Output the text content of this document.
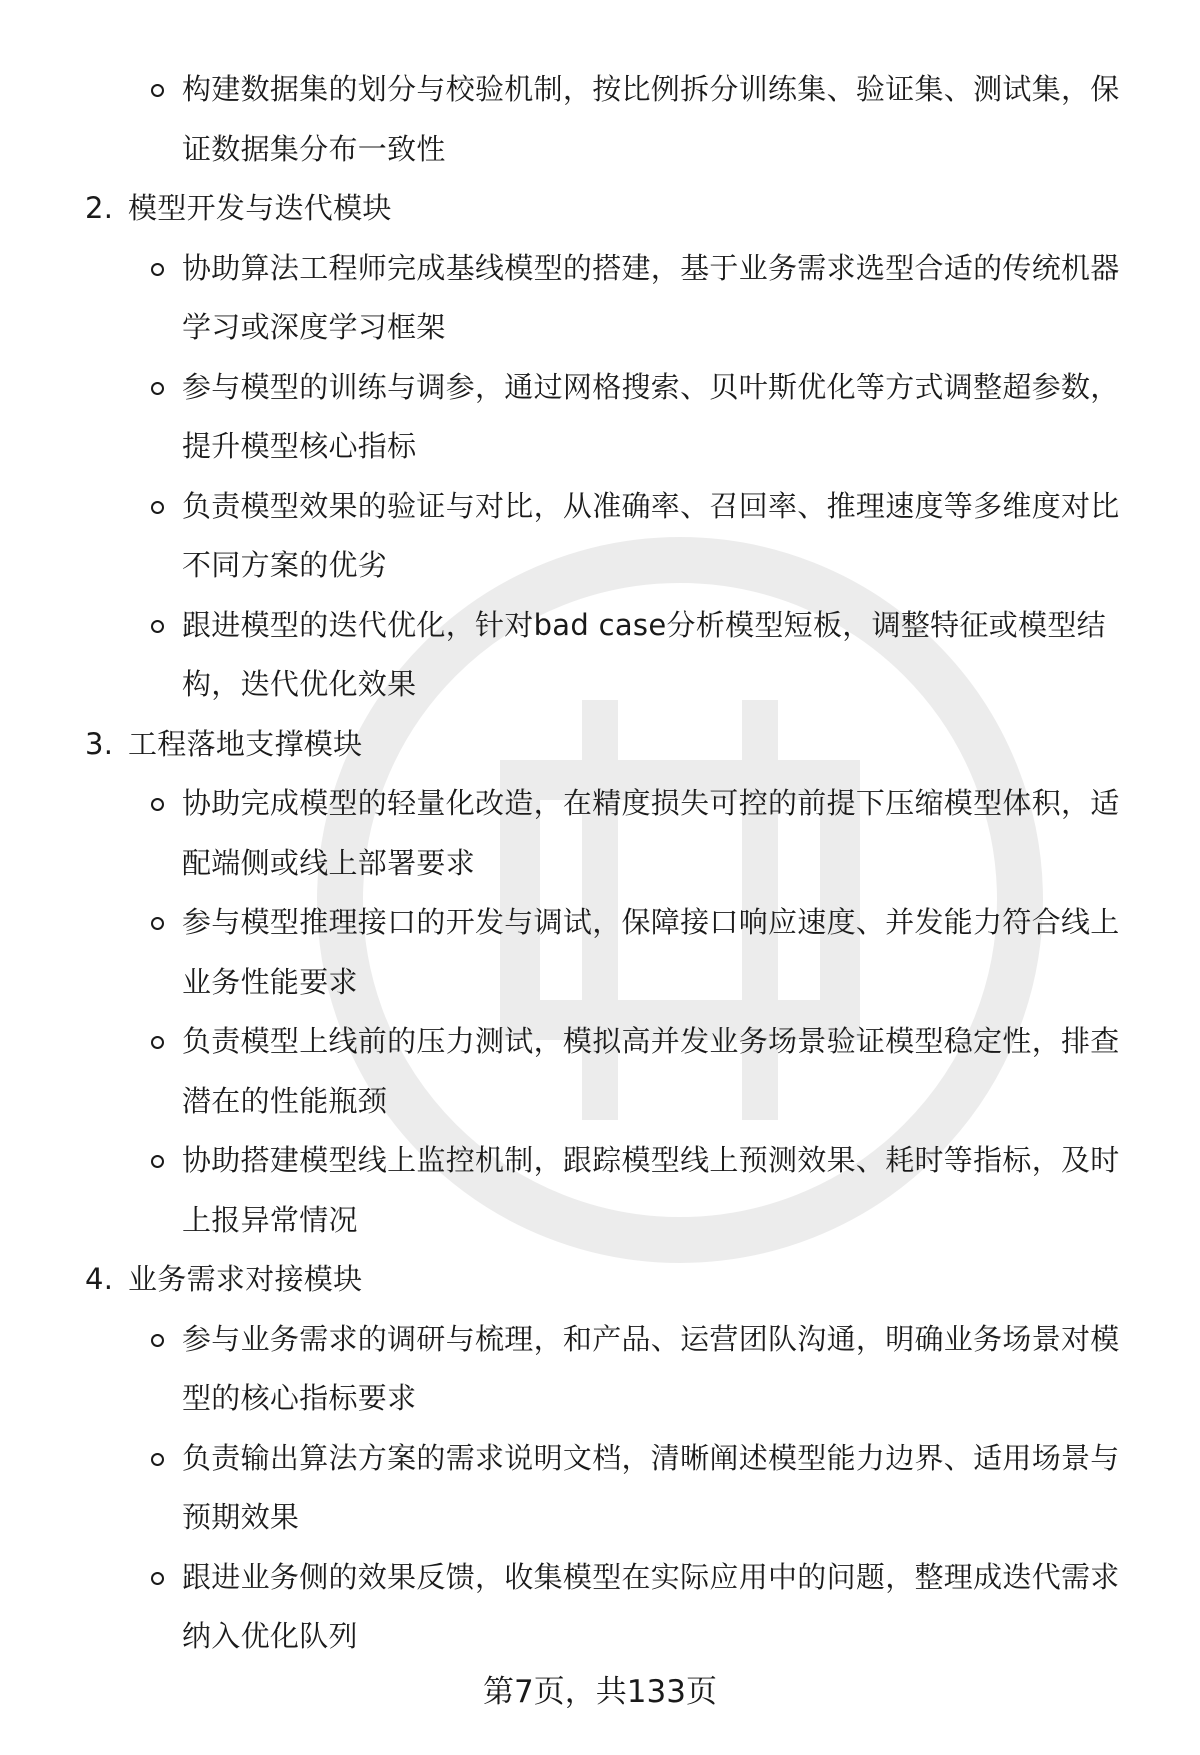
构建数据集的划分与校验机制，按比例拆分训练集、验证集、测试集，保
证数据集分布一致性
2. 模型开发与迭代模块
协助算法工程师完成基线模型的搭建，基于业务需求选型合适的传统机器
学习或深度学习框架
参与模型的训练与调参，通过网格搜索、贝叶斯优化等方式调整超参数，
提升模型核心指标
负责模型效果的验证与对比，从准确率、召回率、推理速度等多维度对比
不同方案的优劣
跟进模型的迭代优化，针对bad case分析模型短板，调整特征或模型结
构，迭代优化效果
3. 工程落地支撑模块
协助完成模型的轻量化改造，在精度损失可控的前提下压缩模型体积，适
配端侧或线上部署要求
参与模型推理接口的开发与调试，保障接口响应速度、并发能力符合线上
业务性能要求
负责模型上线前的压力测试，模拟高并发业务场景验证模型稳定性，排查
潜在的性能瓶颈
协助搭建模型线上监控机制，跟踪模型线上预测效果、耗时等指标，及时
上报异常情况
4. 业务需求对接模块
参与业务需求的调研与梳理，和产品、运营团队沟通，明确业务场景对模
型的核心指标要求
负责输出算法方案的需求说明文档，清晰阐述模型能力边界、适用场景与
预期效果
跟进业务侧的效果反馈，收集模型在实际应用中的问题，整理成迭代需求
纳入优化队列
第7页，共133页
